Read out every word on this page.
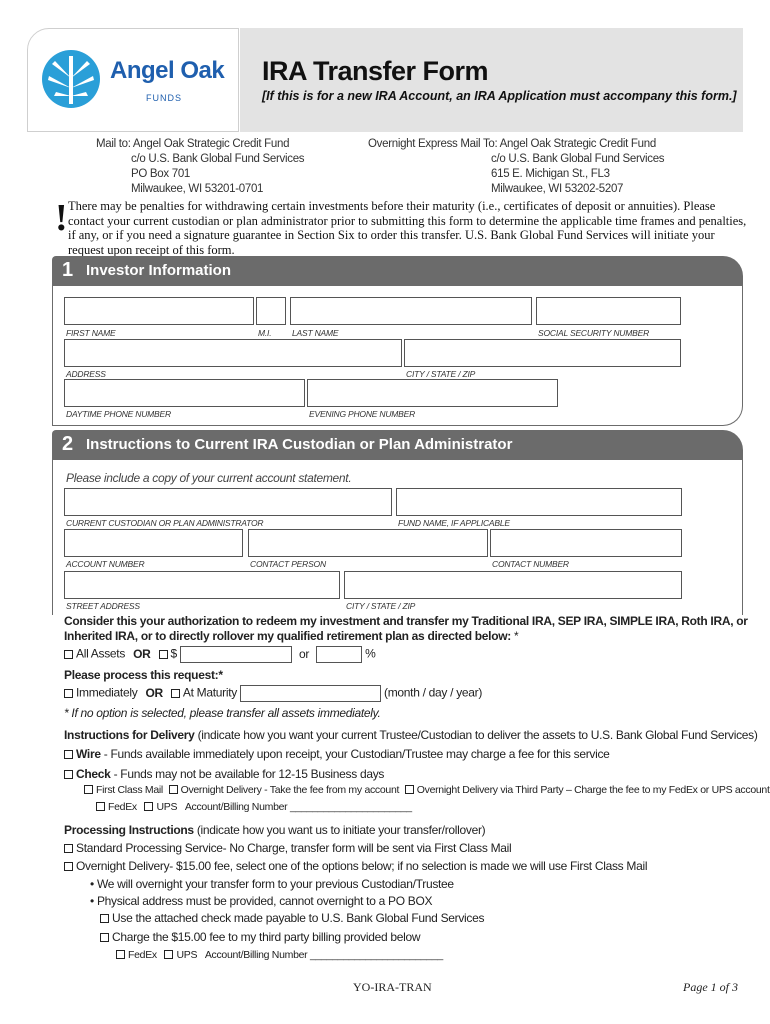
Angel Oak
FUNDS
IRA Transfer Form
[If this is for a new IRA Account, an IRA Application must accompany this form.]
Mail to: Angel Oak Strategic Credit Fund
c/o U.S. Bank Global Fund Services
PO Box 701
Milwaukee, WI 53201-0701
Overnight Express Mail To: Angel Oak Strategic Credit Fund
c/o U.S. Bank Global Fund Services
615 E. Michigan St., FL3
Milwaukee, WI 53202-5207
! There may be penalties for withdrawing certain investments before their maturity (i.e., certificates of deposit or annuities). Please contact your current custodian or plan administrator prior to submitting this form to determine the applicable time frames and penalties, if any, or if you need a signature guarantee in Section Six to order this transfer. U.S. Bank Global Fund Services will initiate your request upon receipt of this form.
1 Investor Information
FIRST NAME	M.I. LAST NAME	SOCIAL SECURITY NUMBER
ADDRESS	CITY / STATE / ZIP
DAYTIME PHONE NUMBER	EVENING PHONE NUMBER
2 Instructions to Current IRA Custodian or Plan Administrator
Please include a copy of your current account statement.
CURRENT CUSTODIAN OR PLAN ADMINISTRATOR	FUND NAME, IF APPLICABLE
ACCOUNT NUMBER	CONTACT PERSON	CONTACT NUMBER
STREET ADDRESS	CITY / STATE / ZIP
Consider this your authorization to redeem my investment and transfer my Traditional IRA, SEP IRA, SIMPLE IRA, Roth IRA, or
Inherited IRA, or to directly rollover my qualified retirement plan as directed below: *
All Assets OR $	or	%
Please process this request:*
Immediately OR At Maturity	(month / day / year)
* If no option is selected, please transfer all assets immediately.
Instructions for Delivery (indicate how you want your current Trustee/Custodian to deliver the assets to U.S. Bank Global Fund Services)
Wire - Funds available immediately upon receipt, your Custodian/Trustee may charge a fee for this service
Check - Funds may not be available for 12-15 Business days
First Class Mail Overnight Delivery - Take the fee from my account Overnight Delivery via Third Party – Charge the fee to my FedEx or UPS account
FedEx UPS Account/Billing Number ______________________
Processing Instructions (indicate how you want us to initiate your transfer/rollover)
Standard Processing Service- No Charge, transfer form will be sent via First Class Mail
Overnight Delivery- $15.00 fee, select one of the options below; if no selection is made we will use First Class Mail
• We will overnight your transfer form to your previous Custodian/Trustee
• Physical address must be provided, cannot overnight to a PO BOX
Use the attached check made payable to U.S. Bank Global Fund Services
Charge the $15.00 fee to my third party billing provided below
FedEx UPS Account/Billing Number ________________________
YO-IRA-TRAN	Page 1 of 3
